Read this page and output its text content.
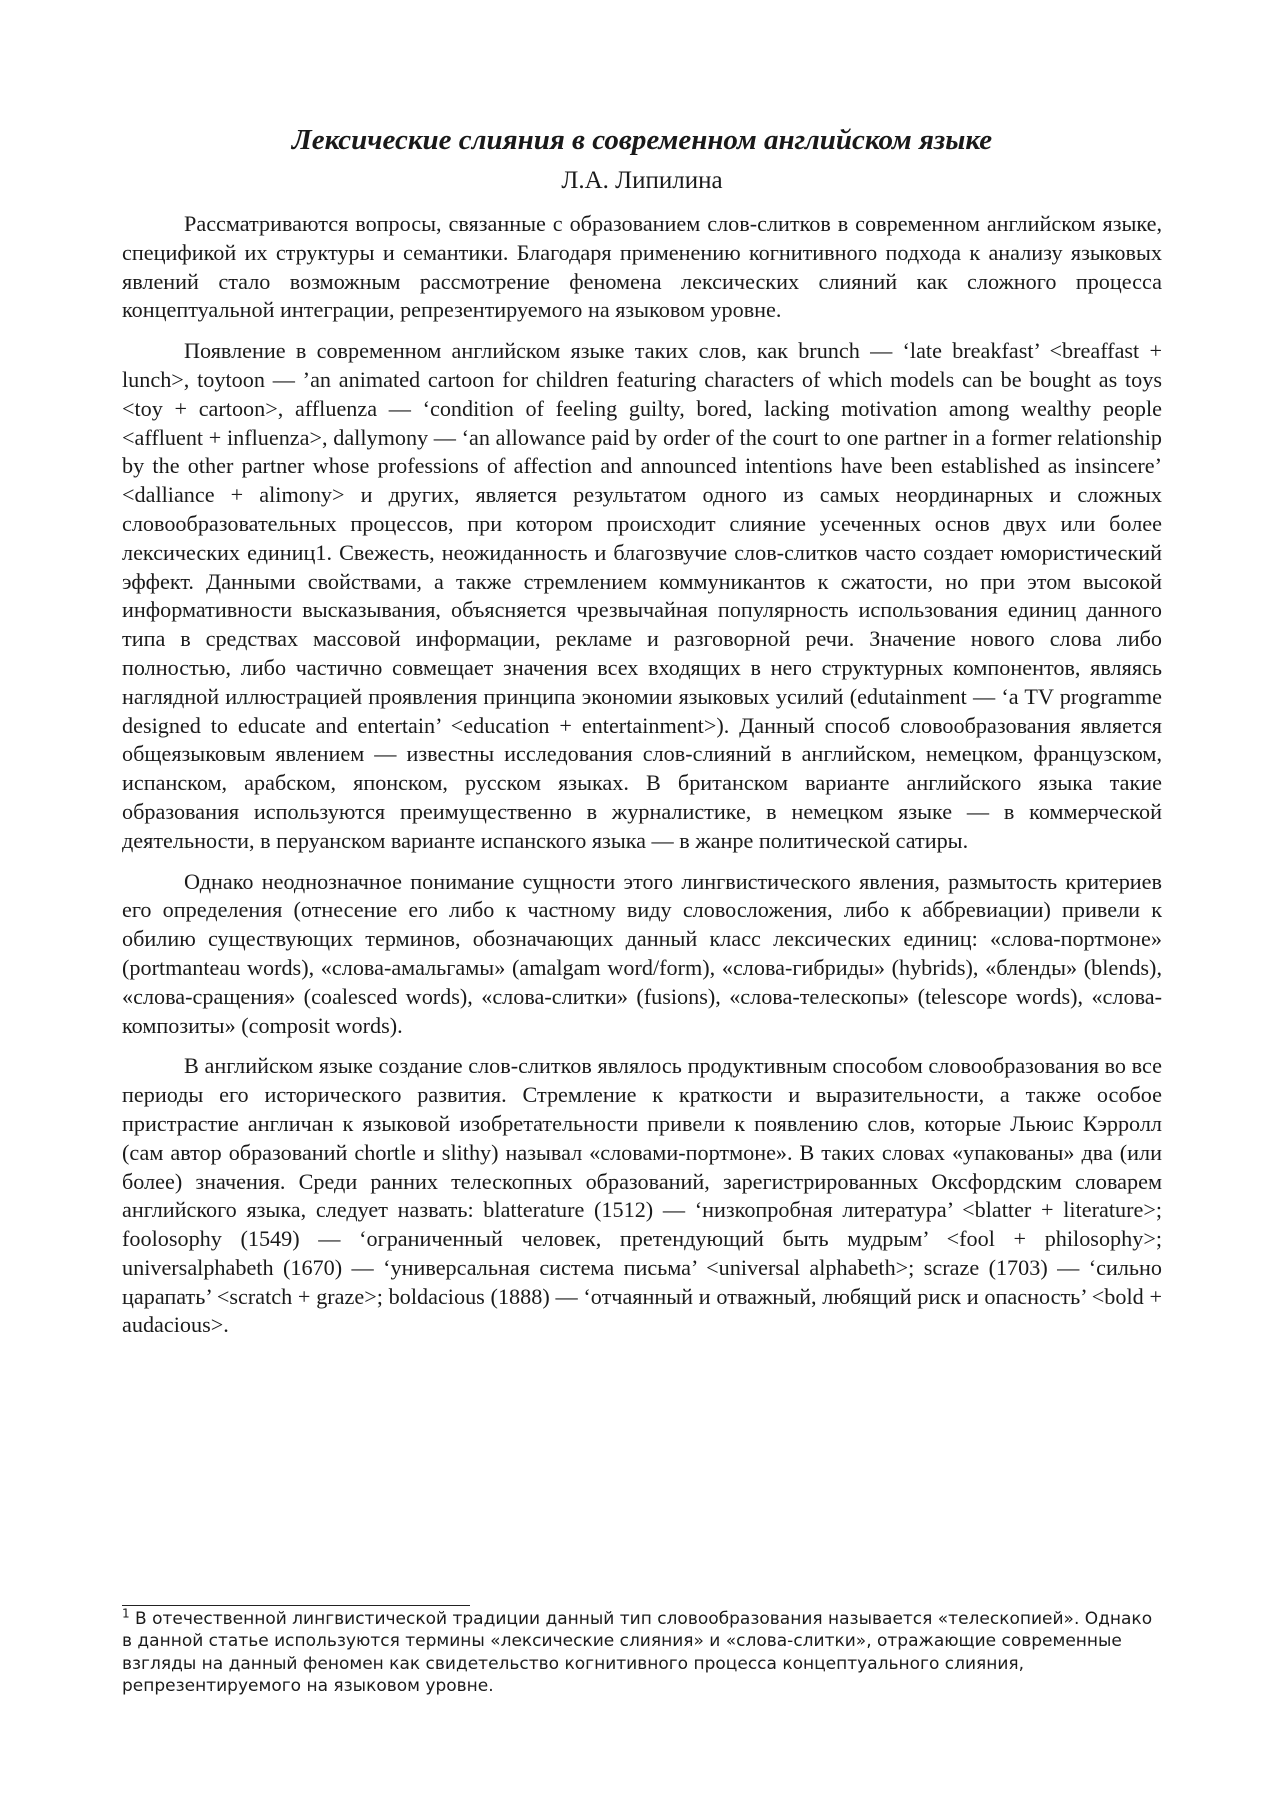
Лексические слияния в современном английском языке
Л.А. Липилина

Рассматриваются вопросы, связанные с образованием слов-слитков в современном английском языке, спецификой их структуры и семантики. Благодаря применению когнитивного подхода к анализу языковых явлений стало возможным рассмотрение феномена лексических слияний как сложного процесса концептуальной интеграции, репрезентируемого на языковом уровне.

Появление в современном английском языке таких слов, как brunch — ‘late breakfast’ <breaffast + lunch>, toytoon — ’an animated cartoon for children featuring characters of which models can be bought as toys <toy + cartoon>, affluenza — ‘condition of feeling guilty, bored, lacking motivation among wealthy people <affluent + influenza>, dallymony — ‘an allowance paid by order of the court to one partner in a former relationship by the other partner whose professions of affection and announced intentions have been established as insincere’ <dalliance + alimony> и других, является результатом одного из самых неординарных и сложных словообразовательных процессов, при котором происходит слияние усеченных основ двух или более лексических единиц1. Свежесть, неожиданность и благозвучие слов-слитков часто создает юмористический эффект. Данными свойствами, а также стремлением коммуникантов к сжатости, но при этом высокой информативности высказывания, объясняется чрезвычайная популярность использования единиц данного типа в средствах массовой информации, рекламе и разговорной речи. Значение нового слова либо полностью, либо частично совмещает значения всех входящих в него структурных компонентов, являясь наглядной иллюстрацией проявления принципа экономии языковых усилий (edutainment — ‘a TV programme designed to educate and entertain’ <education + entertainment>). Данный способ словообразования является общеязыковым явлением — известны исследования слов-слияний в английском, немецком, французском, испанском, арабском, японском, русском языках. В британском варианте английского языка такие образования используются преимущественно в журналистике, в немецком языке — в коммерческой деятельности, в перуанском варианте испанского языка — в жанре политической сатиры.

Однако неоднозначное понимание сущности этого лингвистического явления, размытость критериев его определения (отнесение его либо к частному виду словосложения, либо к аббревиации) привели к обилию существующих терминов, обозначающих данный класс лексических единиц: «слова-портмоне» (portmanteau words), «слова-амальгамы» (amalgam word/form), «слова-гибриды» (hybrids), «бленды» (blends), «слова-сращения» (coalesced words), «слова-слитки» (fusions), «слова-телескопы» (telescope words), «слова-композиты» (composit words).

В английском языке создание слов-слитков являлось продуктивным способом словообразования во все периоды его исторического развития. Стремление к краткости и выразительности, а также особое пристрастие англичан к языковой изобретательности привели к появлению слов, которые Льюис Кэрролл (сам автор образований chortle и slithy) называл «словами-портмоне». В таких словах «упакованы» два (или более) значения. Среди ранних телескопных образований, зарегистрированных Оксфордским словарем английского языка, следует назвать: blatterature (1512) — ‘низкопробная литература’ <blatter + literature>; foolosophy (1549) — ‘ограниченный человек, претендующий быть мудрым’ <fool + philosophy>; universalphabeth (1670) — ‘универсальная система письма’ <universal alphabeth>; scraze (1703) — ‘сильно царапать’ <scratch + graze>; boldacious (1888) — ‘отчаянный и отважный, любящий риск и опасность’ <bold + audacious>.

$^1$ В отечественной лингвистической традиции данный тип словообразования называется «телескопией». Однако в данной статье используются термины «лексические слияния» и «слова-слитки», отражающие современные взгляды на данный феномен как свидетельство когнитивного процесса концептуального слияния, репрезентируемого на языковом уровне.
